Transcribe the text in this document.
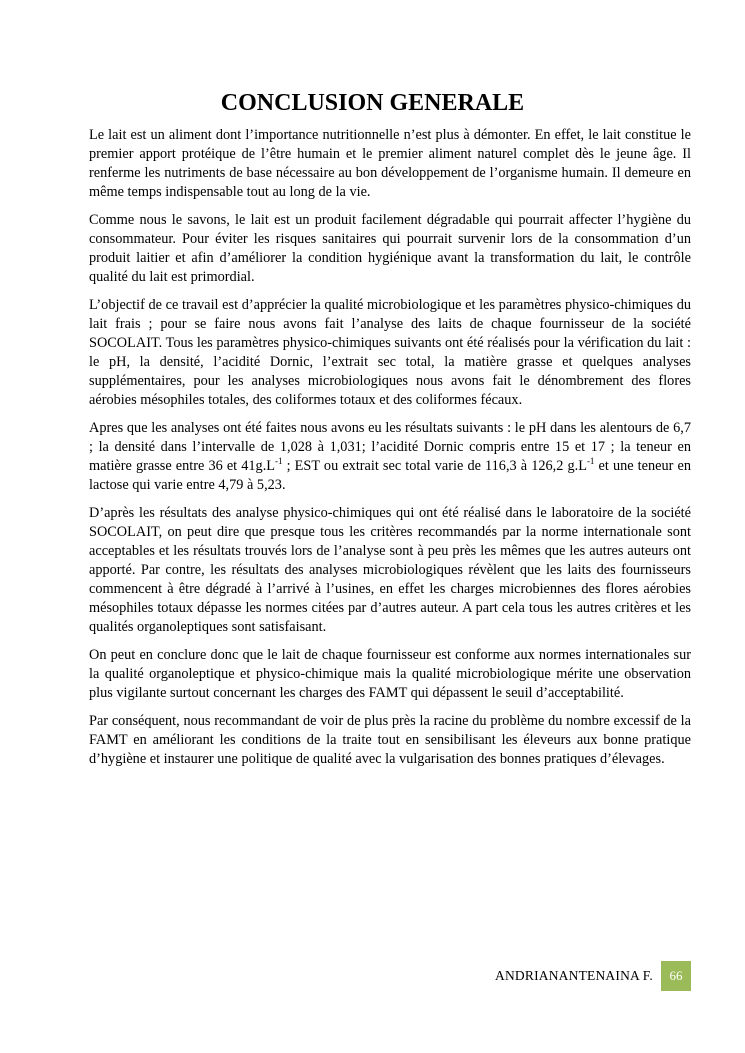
CONCLUSION GENERALE

Le lait est un aliment dont l’importance nutritionnelle n’est plus à démonter. En effet, le lait constitue le premier apport protéique de l’être humain et le premier aliment naturel complet dès le jeune âge. Il renferme les nutriments de base nécessaire au bon développement de l’organisme humain. Il demeure en même temps indispensable tout au long de la vie.

Comme nous le savons, le lait est un produit facilement dégradable qui pourrait affecter l’hygiène du consommateur. Pour éviter les risques sanitaires qui pourrait survenir lors de la consommation d’un produit laitier et afin d’améliorer la condition hygiénique avant la transformation du lait, le contrôle qualité du lait est primordial.

L’objectif de ce travail est d’apprécier la qualité microbiologique et les paramètres physico-chimiques du lait frais ; pour se faire nous avons fait l’analyse des laits de chaque fournisseur de la société SOCOLAIT. Tous les paramètres physico-chimiques suivants ont été réalisés pour la vérification du lait : le pH, la densité, l’acidité Dornic, l’extrait sec total, la matière grasse et quelques analyses supplémentaires, pour les analyses microbiologiques nous avons fait le dénombrement des flores aérobies mésophiles totales, des coliformes totaux et des coliformes fécaux.

Apres que les analyses ont été faites nous avons eu les résultats suivants : le pH dans les alentours de 6,7 ; la densité dans l’intervalle de 1,028 à 1,031; l’acidité Dornic compris entre 15 et 17 ; la teneur en matière grasse entre 36 et $41g.L^{-1}$ ; EST ou extrait sec total varie de 116,3 à 126,2 $g.L^{-1}$ et une teneur en lactose qui varie entre 4,79 à 5,23.

D’après les résultats des analyse physico-chimiques qui ont été réalisé dans le laboratoire de la société SOCOLAIT, on peut dire que presque tous les critères recommandés par la norme internationale sont acceptables et les résultats trouvés lors de l’analyse sont à peu près les mêmes que les autres auteurs ont apporté. Par contre, les résultats des analyses microbiologiques révèlent que les laits des fournisseurs commencent à être dégradé à l’arrivé à l’usines, en effet les charges microbiennes des flores aérobies mésophiles totaux dépasse les normes citées par d’autres auteur. A part cela tous les autres critères et les qualités organoleptiques sont satisfaisant.

On peut en conclure donc que le lait de chaque fournisseur est conforme aux normes internationales sur la qualité organoleptique et physico-chimique mais la qualité microbiologique mérite une observation plus vigilante surtout concernant les charges des FAMT qui dépassent le seuil d’acceptabilité.

Par conséquent, nous recommandant de voir de plus près la racine du problème du nombre excessif de la FAMT en améliorant les conditions de la traite tout en sensibilisant les éleveurs aux bonne pratique d’hygiène et instaurer une politique de qualité avec la vulgarisation des bonnes pratiques d’élevages.

ANDRIANANTENAINA F.	66
